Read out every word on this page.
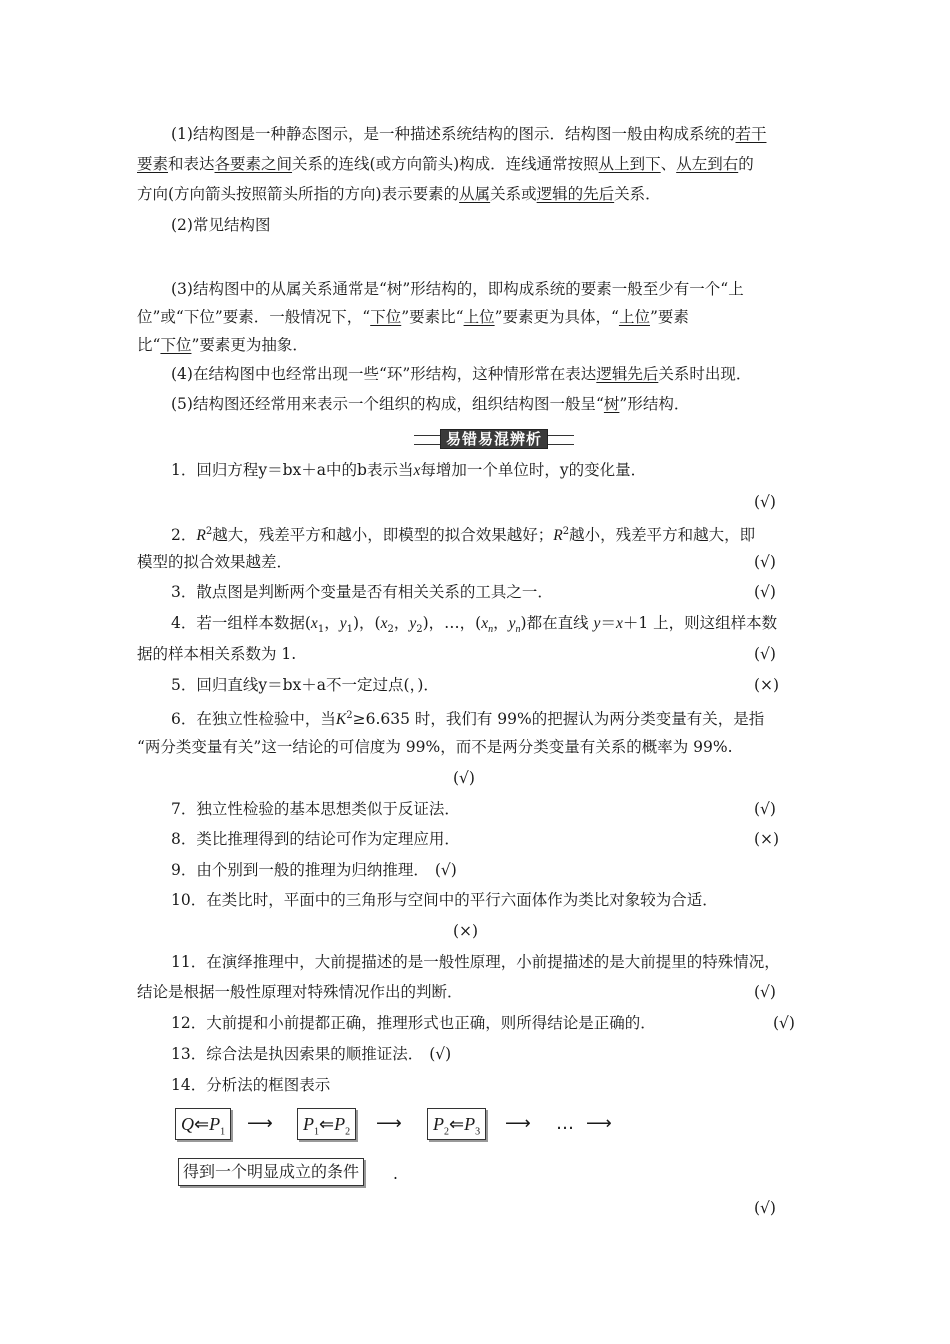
(1)结构图是一种静态图示，是一种描述系统结构的图示．结构图一般由构成系统的若干
要素和表达各要素之间关系的连线(或方向箭头)构成．连线通常按照从上到下、从左到右的
方向(方向箭头按照箭头所指的方向)表示要素的从属关系或逻辑的先后关系．
(2)常见结构图
(3)结构图中的从属关系通常是“树”形结构的，即构成系统的要素一般至少有一个“上
位”或“下位”要素．一般情况下，“下位”要素比“上位”要素更为具体，“上位”要素
比“下位”要素更为抽象．
(4)在结构图中也经常出现一些“环”形结构，这种情形常在表达逻辑先后关系时出现．
(5)结构图还经常用来表示一个组织的构成，组织结构图一般呈“树”形结构．
易错易混辨析
1．回归方程y＝bx＋a中的b表示当x每增加一个单位时，y的变化量．
(√)
2．$R^2$越大，残差平方和越小，即模型的拟合效果越好；$R^2$越小，残差平方和越大，即
模型的拟合效果越差．	(√)
3．散点图是判断两个变量是否有相关关系的工具之一．	(√)
4．若一组样本数据($x_1$，$y_1$)，($x_2$，$y_2$)，…，($x_n$，$y_n$)都在直线 y＝x＋1 上，则这组样本数
据的样本相关系数为 1.	(√)
5．回归直线y＝bx＋a不一定过点(，)．	(×)
6．在独立性检验中，当$K^2\ge 6.635$ 时，我们有 99%的把握认为两分类变量有关，是指
“两分类变量有关”这一结论的可信度为 99%，而不是两分类变量有关系的概率为 99%.
(√)
7．独立性检验的基本思想类似于反证法．	(√)
8．类比推理得到的结论可作为定理应用．	(×)
9．由个别到一般的推理为归纳推理． (√)
10．在类比时，平面中的三角形与空间中的平行六面体作为类比对象较为合适．
(×)
11．在演绎推理中，大前提描述的是一般性原理，小前提描述的是大前提里的特殊情况，
结论是根据一般性原理对特殊情况作出的判断．	(√)
12．大前提和小前提都正确，推理形式也正确，则所得结论是正确的．	(√)
13．综合法是执因索果的顺推证法． (√)
14．分析法的框图表示
$Q⇐P_1$	⟶	$P_1⇐P_2$	⟶	$P_2⇐P_3$	⟶ … ⟶
得到一个明显成立的条件	.
(√)
